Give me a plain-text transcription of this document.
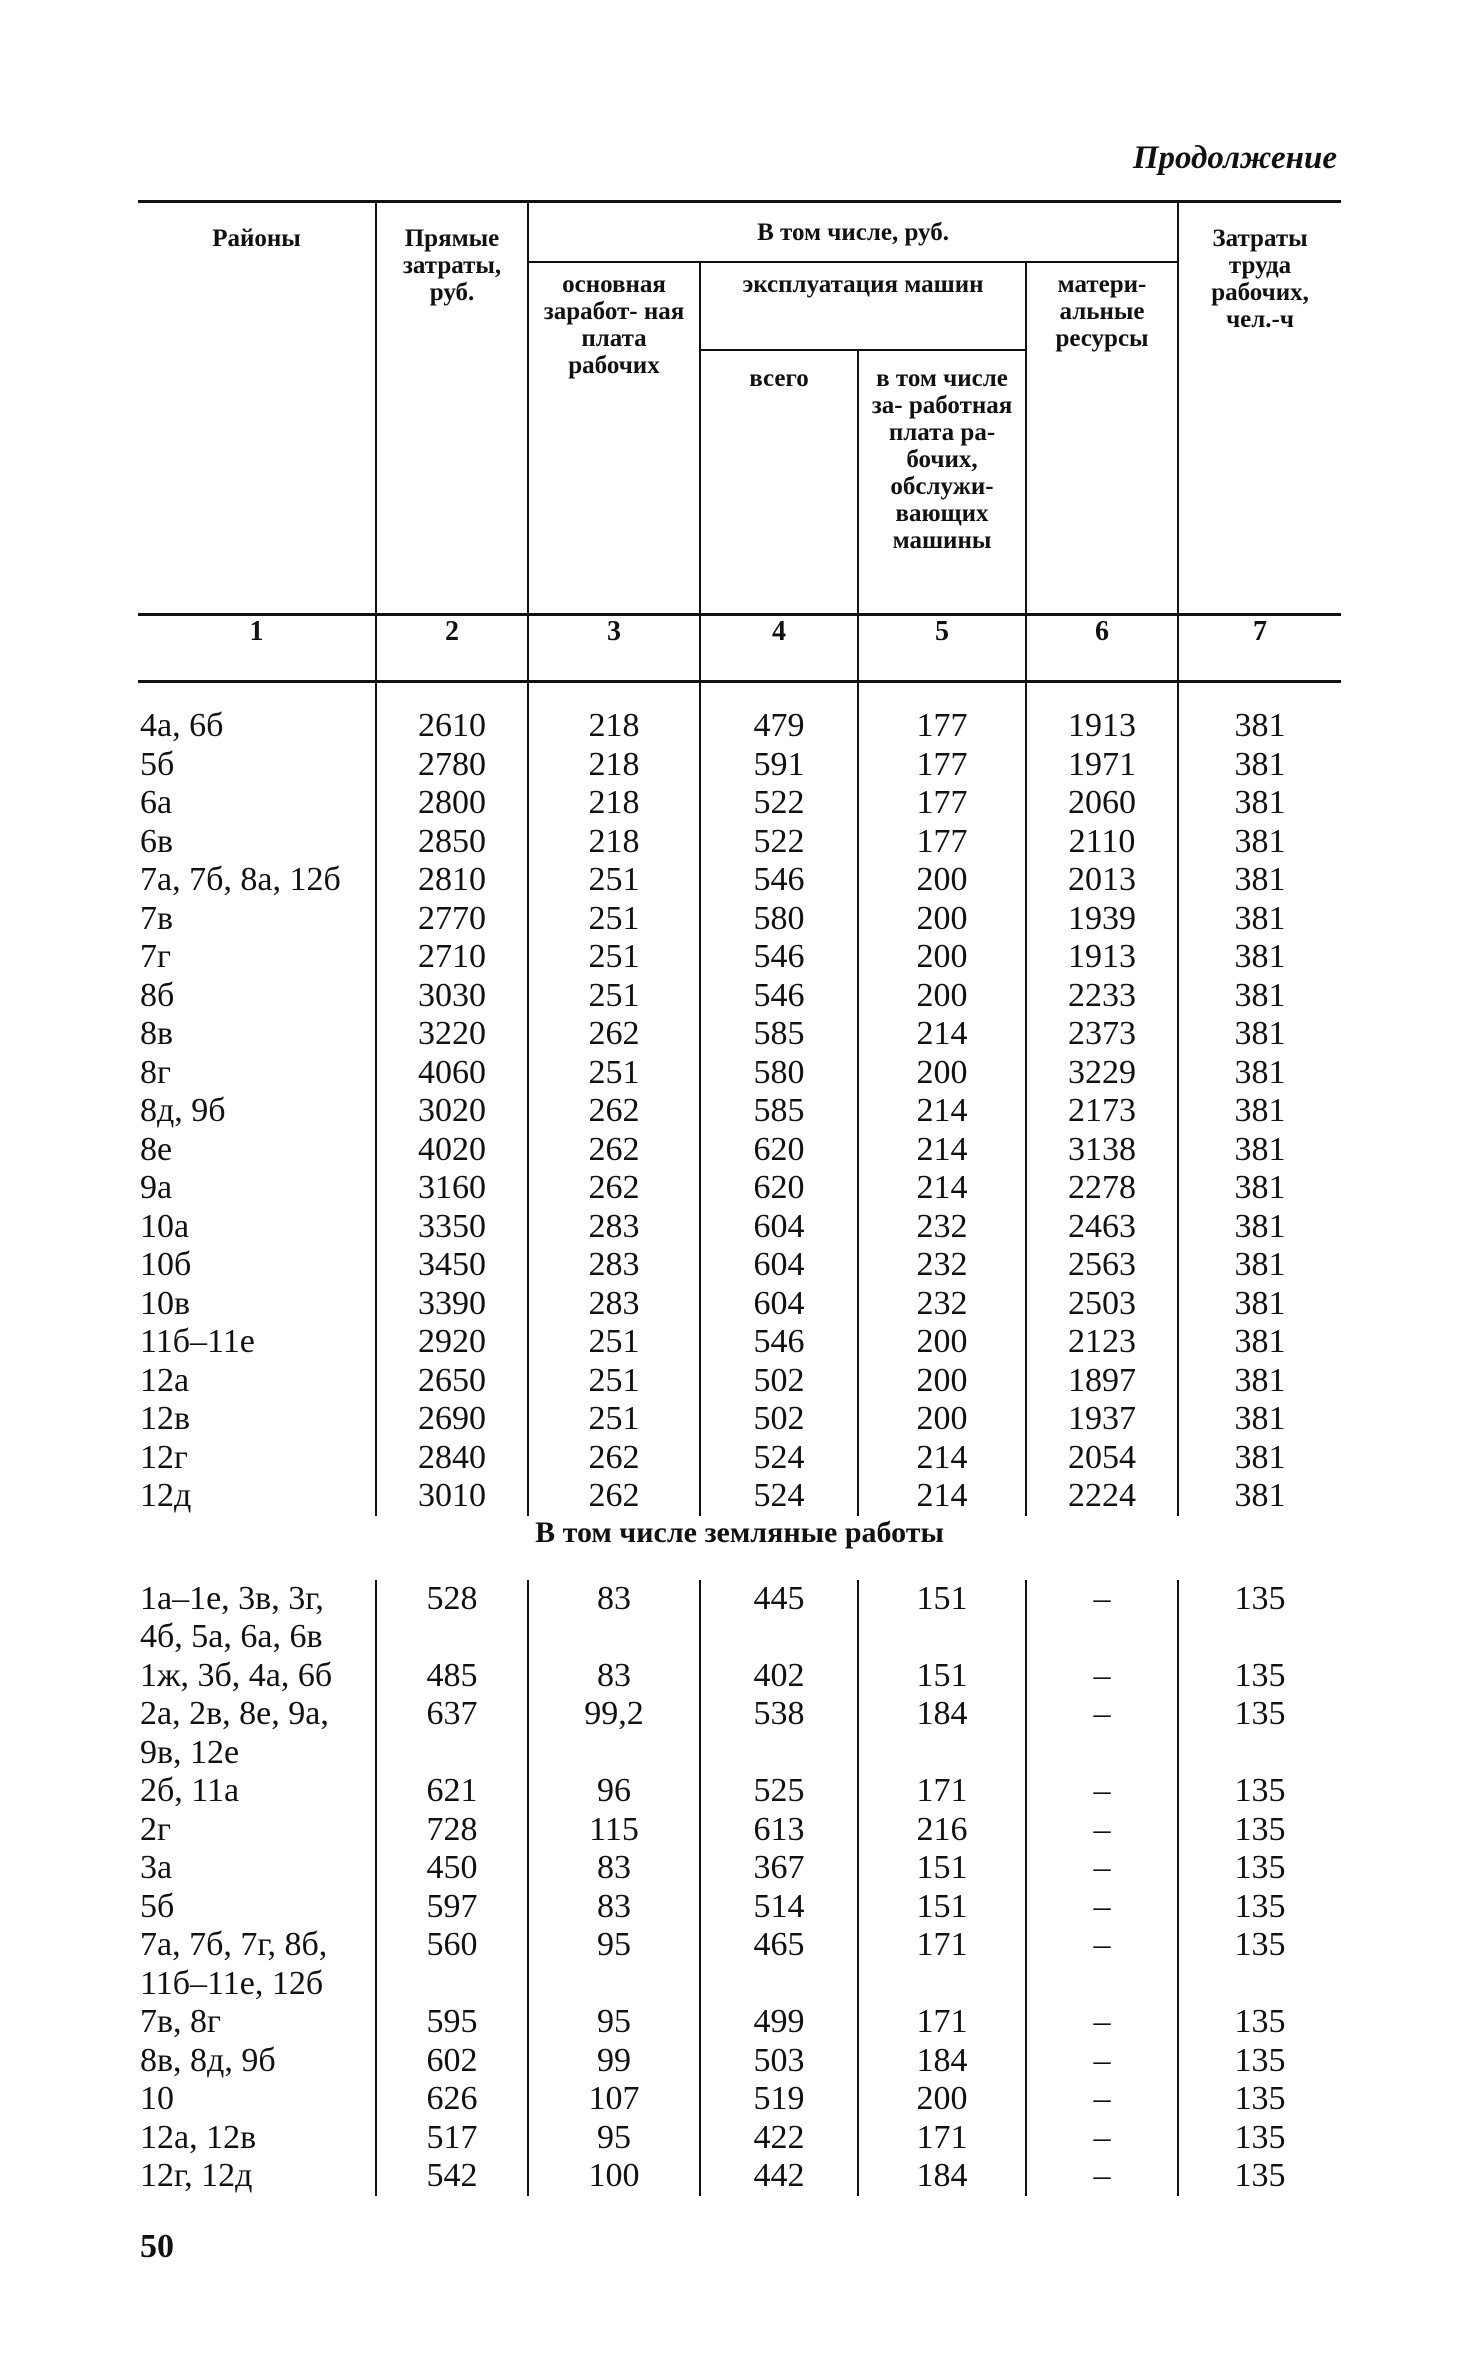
Продолжение
Районы	Прямые затраты, руб.	В том числе, руб.				Затраты труда рабочих, чел.-ч
		основная заработ- ная плата рабочих	эксплуатация машин		матери- альные ресурсы	
			всего	в том числе за- работная плата ра- бочих, обслужи- вающих машины		
1	2	3	4	5	6	7

4а, 6б	2610	218	479	177	1913	381
5б	2780	218	591	177	1971	381
6а	2800	218	522	177	2060	381
6в	2850	218	522	177	2110	381
7а, 7б, 8а, 12б	2810	251	546	200	2013	381
7в	2770	251	580	200	1939	381
7г	2710	251	546	200	1913	381
8б	3030	251	546	200	2233	381
8в	3220	262	585	214	2373	381
8г	4060	251	580	200	3229	381
8д, 9б	3020	262	585	214	2173	381
8е	4020	262	620	214	3138	381
9а	3160	262	620	214	2278	381
10а	3350	283	604	232	2463	381
10б	3450	283	604	232	2563	381
10в	3390	283	604	232	2503	381
11б–11е	2920	251	546	200	2123	381
12а	2650	251	502	200	1897	381
12в	2690	251	502	200	1937	381
12г	2840	262	524	214	2054	381
12д	3010	262	524	214	2224	381
В том числе земляные работы						
1а–1е, 3в, 3г,	528	83	445	151	–	135
4б, 5а, 6а, 6в						
1ж, 3б, 4а, 6б	485	83	402	151	–	135
2а, 2в, 8е, 9а,	637	99,2	538	184	–	135
9в, 12е						
2б, 11а	621	96	525	171	–	135
2г	728	115	613	216	–	135
3а	450	83	367	151	–	135
5б	597	83	514	151	–	135
7а, 7б, 7г, 8б,	560	95	465	171	–	135
11б–11е, 12б						
7в, 8г	595	95	499	171	–	135
8в, 8д, 9б	602	99	503	184	–	135
10	626	107	519	200	–	135
12а, 12в	517	95	422	171	–	135
12г, 12д	542	100	442	184	–	135
50
